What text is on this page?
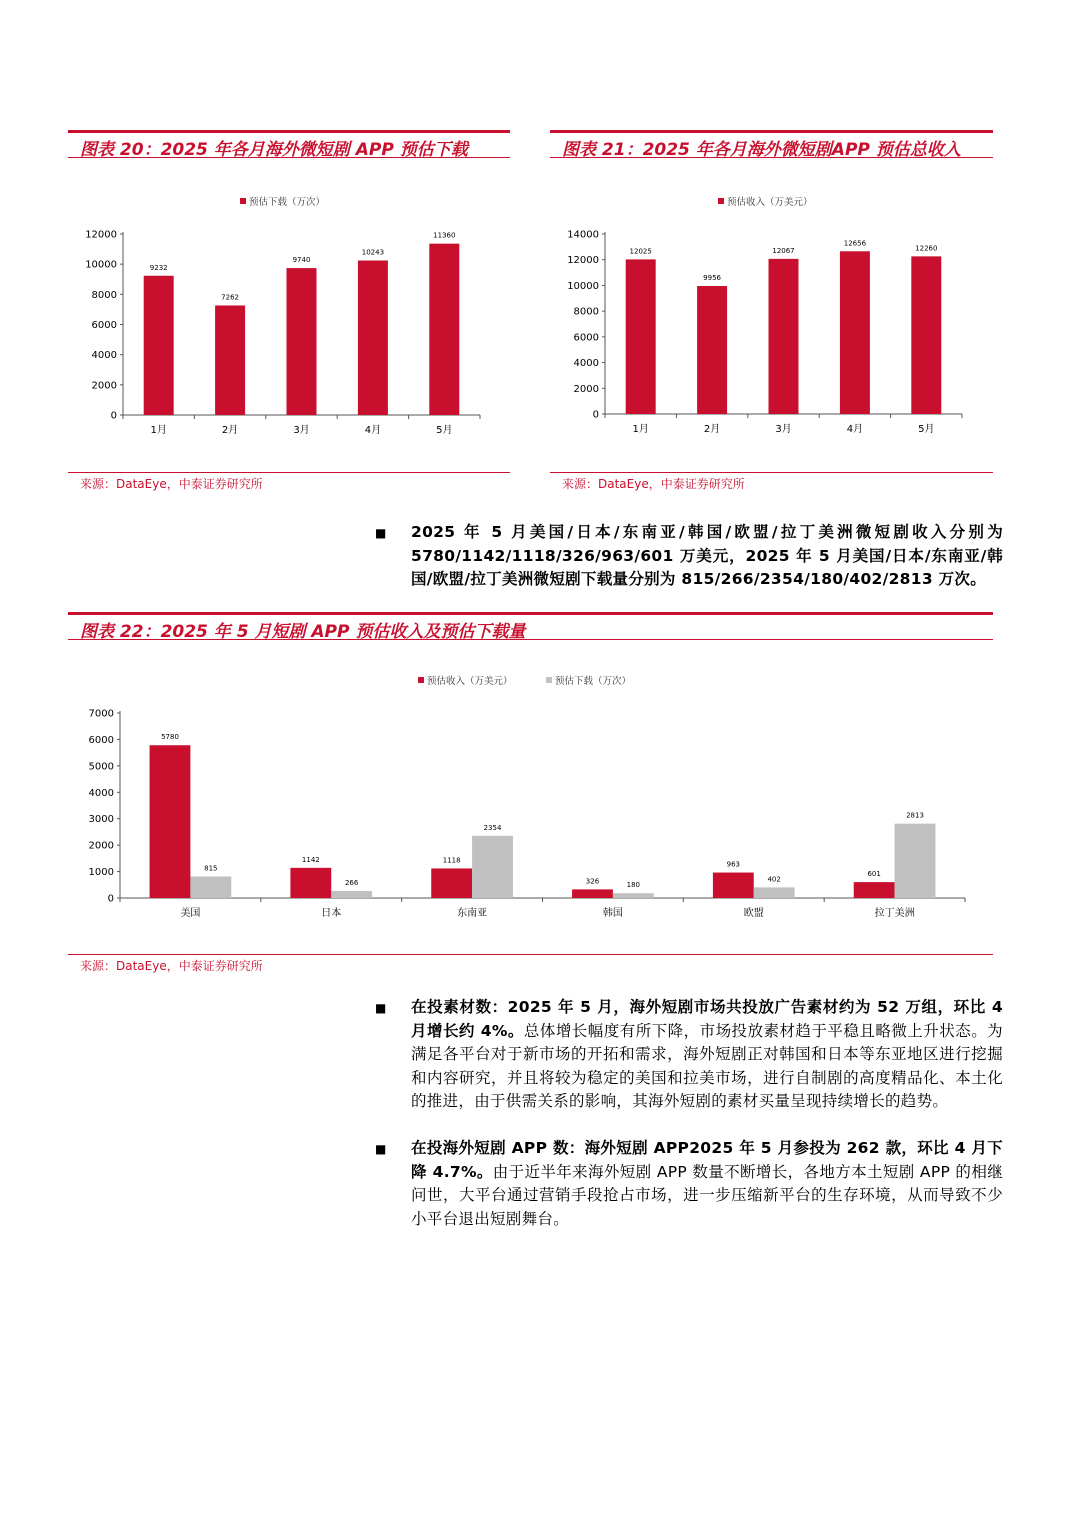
图表 20：2025 年各月海外微短剧 APP 预估下载
预估下载（万次）
0
2000
4000
6000
8000
10000
12000
9232
1月
7262
2月
9740
3月
10243
4月
11360
5月
来源：DataEye，中泰证券研究所
图表 21：2025 年各月海外微短剧APP 预估总收入
预估收入（万美元）
0
2000
4000
6000
8000
10000
12000
14000
12025
1月
9956
2月
12067
3月
12656
4月
12260
5月
来源：DataEye，中泰证券研究所
■ 2025 年 5 月美国/日本/东南亚/韩国/欧盟/拉丁美洲微短剧收入分别为 5780/1142/1118/326/963/601 万美元，2025 年 5 月美国/日本/东南亚/韩国/欧盟/拉丁美洲微短剧下载量分别为 815/266/2354/180/402/2813 万次。
图表 22：2025 年 5 月短剧 APP 预估收入及预估下载量
预估收入（万美元）	预估下载（万次）
0
1000
2000
3000
4000
5000
6000
7000
5780
815
美国
1142
266
日本
1118
2354
东南亚
326	180
韩国
963
402
欧盟
601
2813
拉丁美洲
来源：DataEye，中泰证券研究所
■ 在投素材数：2025 年 5 月，海外短剧市场共投放广告素材约为 52 万组，环比 4 月增长约 4%。总体增长幅度有所下降，市场投放素材趋于平稳且略微上升状态。为满足各平台对于新市场的开拓和需求，海外短剧正对韩国和日本等东亚地区进行挖掘和内容研究，并且将较为稳定的美国和拉美市场，进行自制剧的高度精品化、本土化的推进，由于供需关系的影响，其海外短剧的素材买量呈现持续增长的趋势。
■ 在投海外短剧 APP 数：海外短剧 APP2025 年 5 月参投为 262 款，环比 4 月下降 4.7%。由于近半年来海外短剧 APP 数量不断增长，各地方本土短剧 APP 的相继问世，大平台通过营销手段抢占市场，进一步压缩新平台的生存环境，从而导致不少小平台退出短剧舞台。
